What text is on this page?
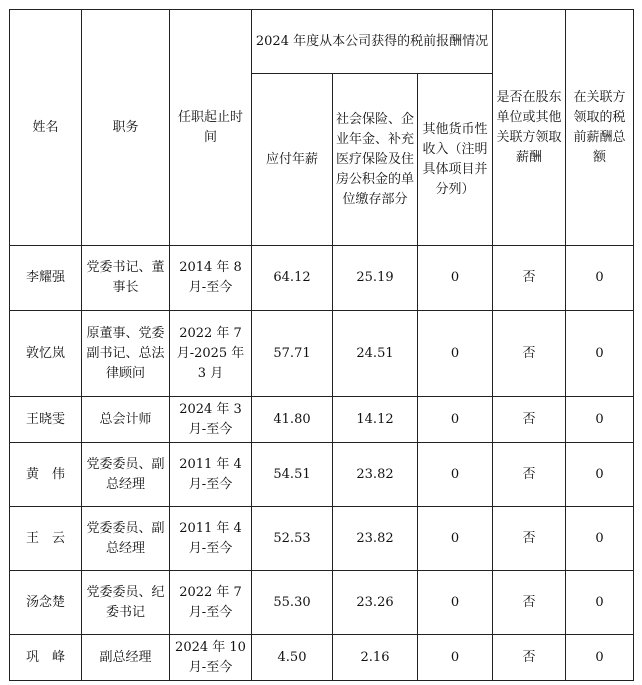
姓名	职务	任职起止时间	2024 年度从本公司获得的税前报酬情况			是否在股东单位或其他关联方领取薪酬	在关联方领取的税前薪酬总额
			应付年薪	社会保险、企业年金、补充医疗保险及住房公积金的单位缴存部分	其他货币性收入（注明具体项目并分列）		
李耀强	党委书记、董事长	2014 年 8 月-至今	64.12	25.19	0	否	0
敦忆岚	原董事、党委副书记、总法律顾问	2022 年 7 月-2025 年 3 月	57.71	24.51	0	否	0
王晓雯	总会计师	2024 年 3 月-至今	41.80	14.12	0	否	0
黄　伟	党委委员、副总经理	2011 年 4 月-至今	54.51	23.82	0	否	0
王　云	党委委员、副总经理	2011 年 4 月-至今	52.53	23.82	0	否	0
汤念楚	党委委员、纪委书记	2022 年 7 月-至今	55.30	23.26	0	否	0
巩　峰	副总经理	2024 年 10 月-至今	4.50	2.16	0	否	0
